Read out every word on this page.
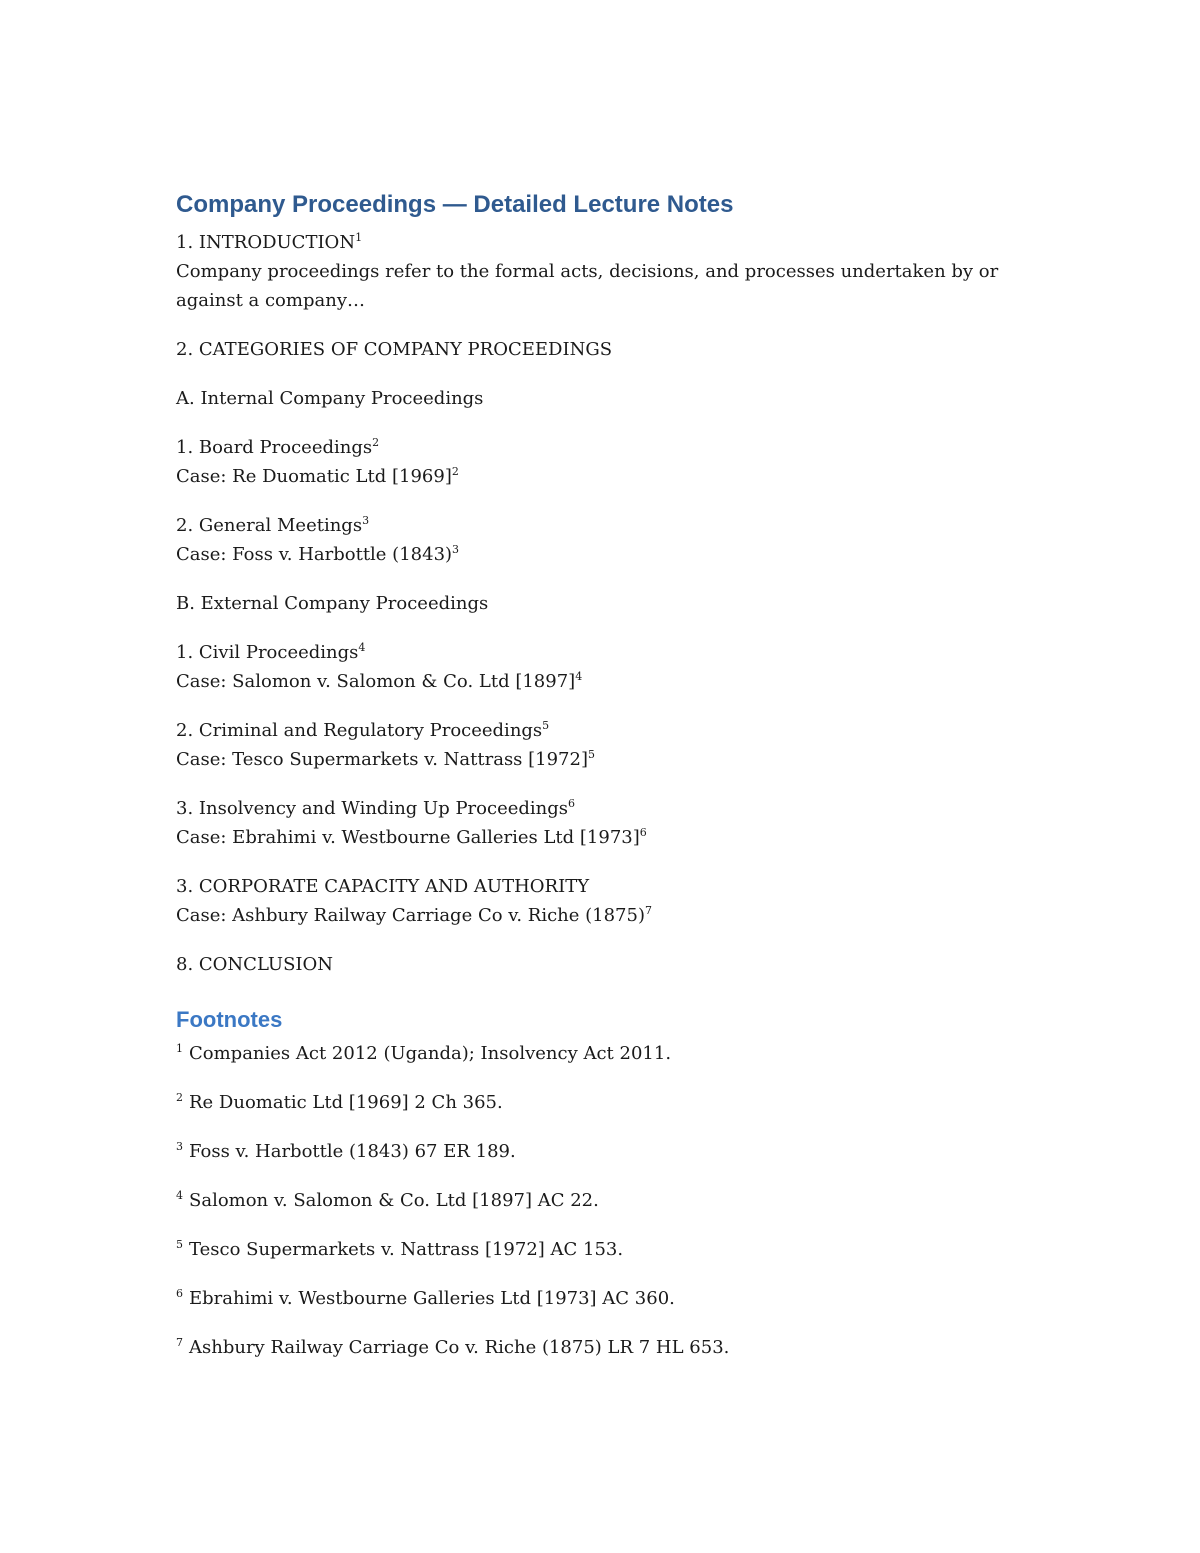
Company Proceedings — Detailed Lecture Notes

1. INTRODUCTION$^1$

Company proceedings refer to the formal acts, decisions, and processes undertaken by or against a company…

2. CATEGORIES OF COMPANY PROCEEDINGS

A. Internal Company Proceedings

1. Board Proceedings$^2$

Case: Re Duomatic Ltd $[1969]^2$

2. General Meetings$^3$

Case: Foss v. Harbottle $(1843)^3$

B. External Company Proceedings

1. Civil Proceedings$^4$

Case: Salomon v. Salomon & Co. Ltd $[1897]^4$

2. Criminal and Regulatory Proceedings$^5$

Case: Tesco Supermarkets v. Nattrass $[1972]^5$

3. Insolvency and Winding Up Proceedings$^6$

Case: Ebrahimi v. Westbourne Galleries Ltd $[1973]^6$

3. CORPORATE CAPACITY AND AUTHORITY

Case: Ashbury Railway Carriage Co v. Riche $(1875)^7$

8. CONCLUSION

Footnotes

$^1$ Companies Act 2012 (Uganda); Insolvency Act 2011.

$^2$ Re Duomatic Ltd [1969] 2 Ch 365.

$^3$ Foss v. Harbottle (1843) 67 ER 189.

$^4$ Salomon v. Salomon & Co. Ltd [1897] AC 22.

$^5$ Tesco Supermarkets v. Nattrass [1972] AC 153.

$^6$ Ebrahimi v. Westbourne Galleries Ltd [1973] AC 360.

$^7$ Ashbury Railway Carriage Co v. Riche (1875) LR 7 HL 653.
